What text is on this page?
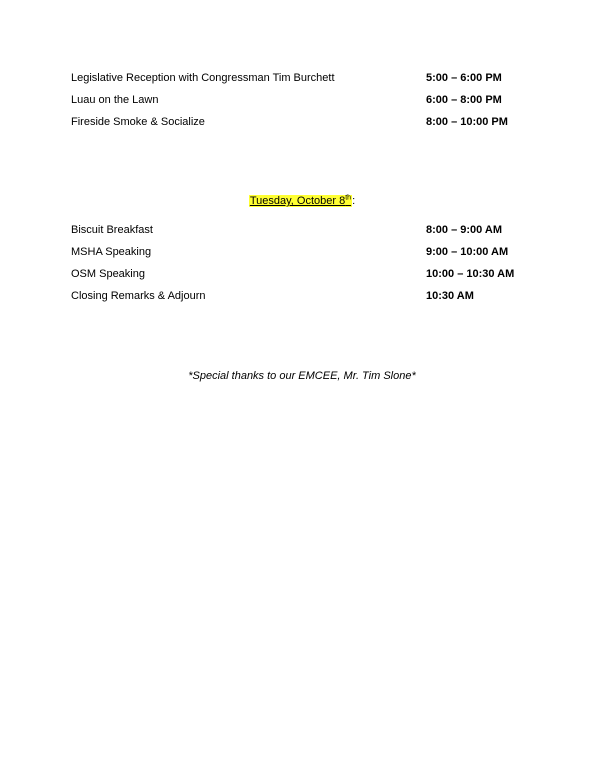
Legislative Reception with Congressman Tim Burchett	5:00 – 6:00 PM
Luau on the Lawn	6:00 – 8:00 PM
Fireside Smoke & Socialize	8:00 – 10:00 PM
Tuesday, October 8th:
Biscuit Breakfast	8:00 – 9:00 AM
MSHA Speaking	9:00 – 10:00 AM
OSM Speaking	10:00 – 10:30 AM
Closing Remarks & Adjourn	10:30 AM
*Special thanks to our EMCEE, Mr. Tim Slone*
